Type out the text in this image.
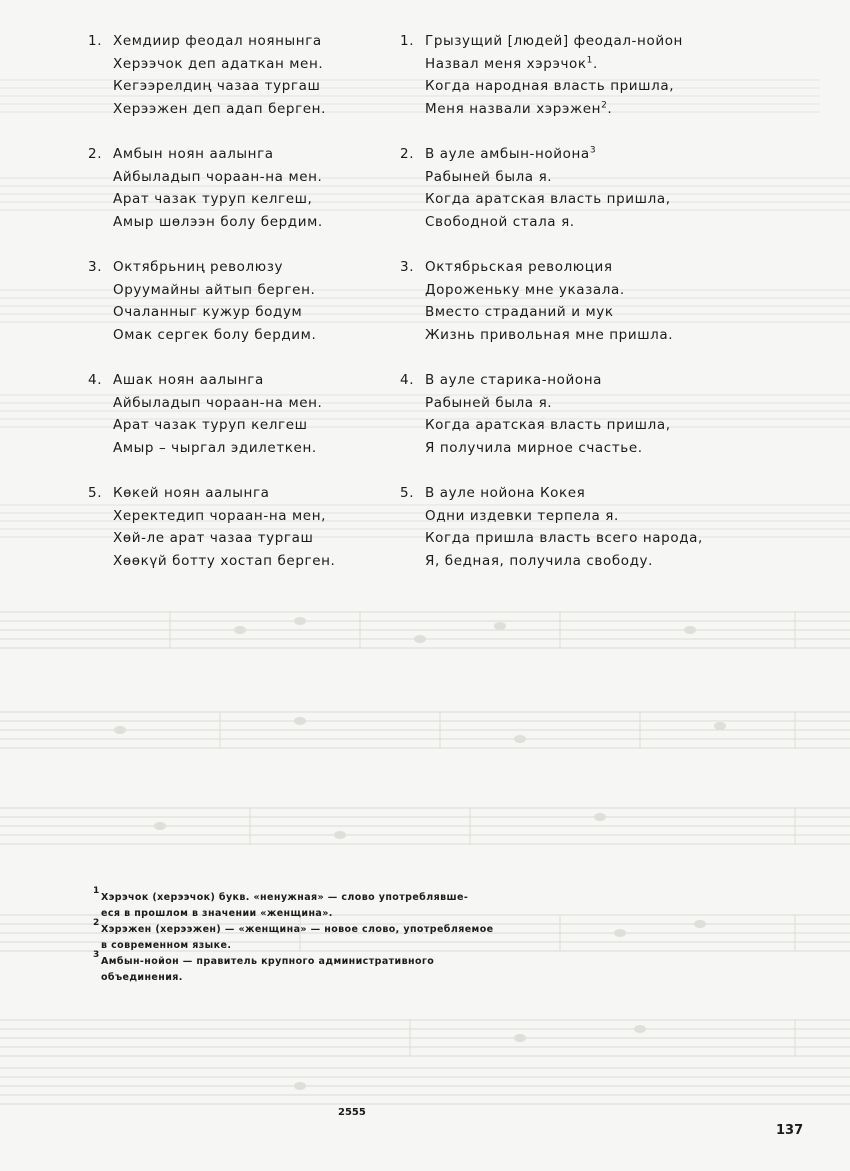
1. Хемдиир феодал ноянынга
Херээчок деп адаткан мен.
Кегээрелдиң чазаа тургаш
Херээжен деп адап берген.
2. Амбын ноян аалынга
Айбыладып чораан-на мен.
Арат чазак туруп келгеш,
Амыр шөлээн болу бердим.
3. Октябрьниң революзу
Оруумайны айтып берген.
Очаланныг кужур бодум
Омак сергек болу бердим.
4. Ашак ноян аалынга
Айбыладып чораан-на мен.
Арат чазак туруп келгеш
Амыр – чыргал эдилеткен.
5. Көкей ноян аалынга
Херектедип чораан-на мен,
Хөй-ле арат чазаа тургаш
Хөөкүй ботту хостап берген.
1. Грызущий [людей] феодал-нойон
Назвал меня хэрэчок$^1$.
Когда народная власть пришла,
Меня назвали хэрэжен$^2$.
2. В ауле амбын-нойона$^3$
Рабыней была я.
Когда аратская власть пришла,
Свободной стала я.
3. Октябрьская революция
Дороженьку мне указала.
Вместо страданий и мук
Жизнь привольная мне пришла.
4. В ауле старика-нойона
Рабыней была я.
Когда аратская власть пришла,
Я получила мирное счастье.
5. В ауле нойона Кокея
Одни издевки терпела я.
Когда пришла власть всего народа,
Я, бедная, получила свободу.
1
Хэрэчок (херээчок) букв. «ненужная» — слово употреблявше-
еся в прошлом в значении «женщина».
2
Хэрэжен (херээжен) — «женщина» — новое слово, употребляемое
в современном языке.
3
Амбын-нойон — правитель крупного административного
объединения.
2555
137
